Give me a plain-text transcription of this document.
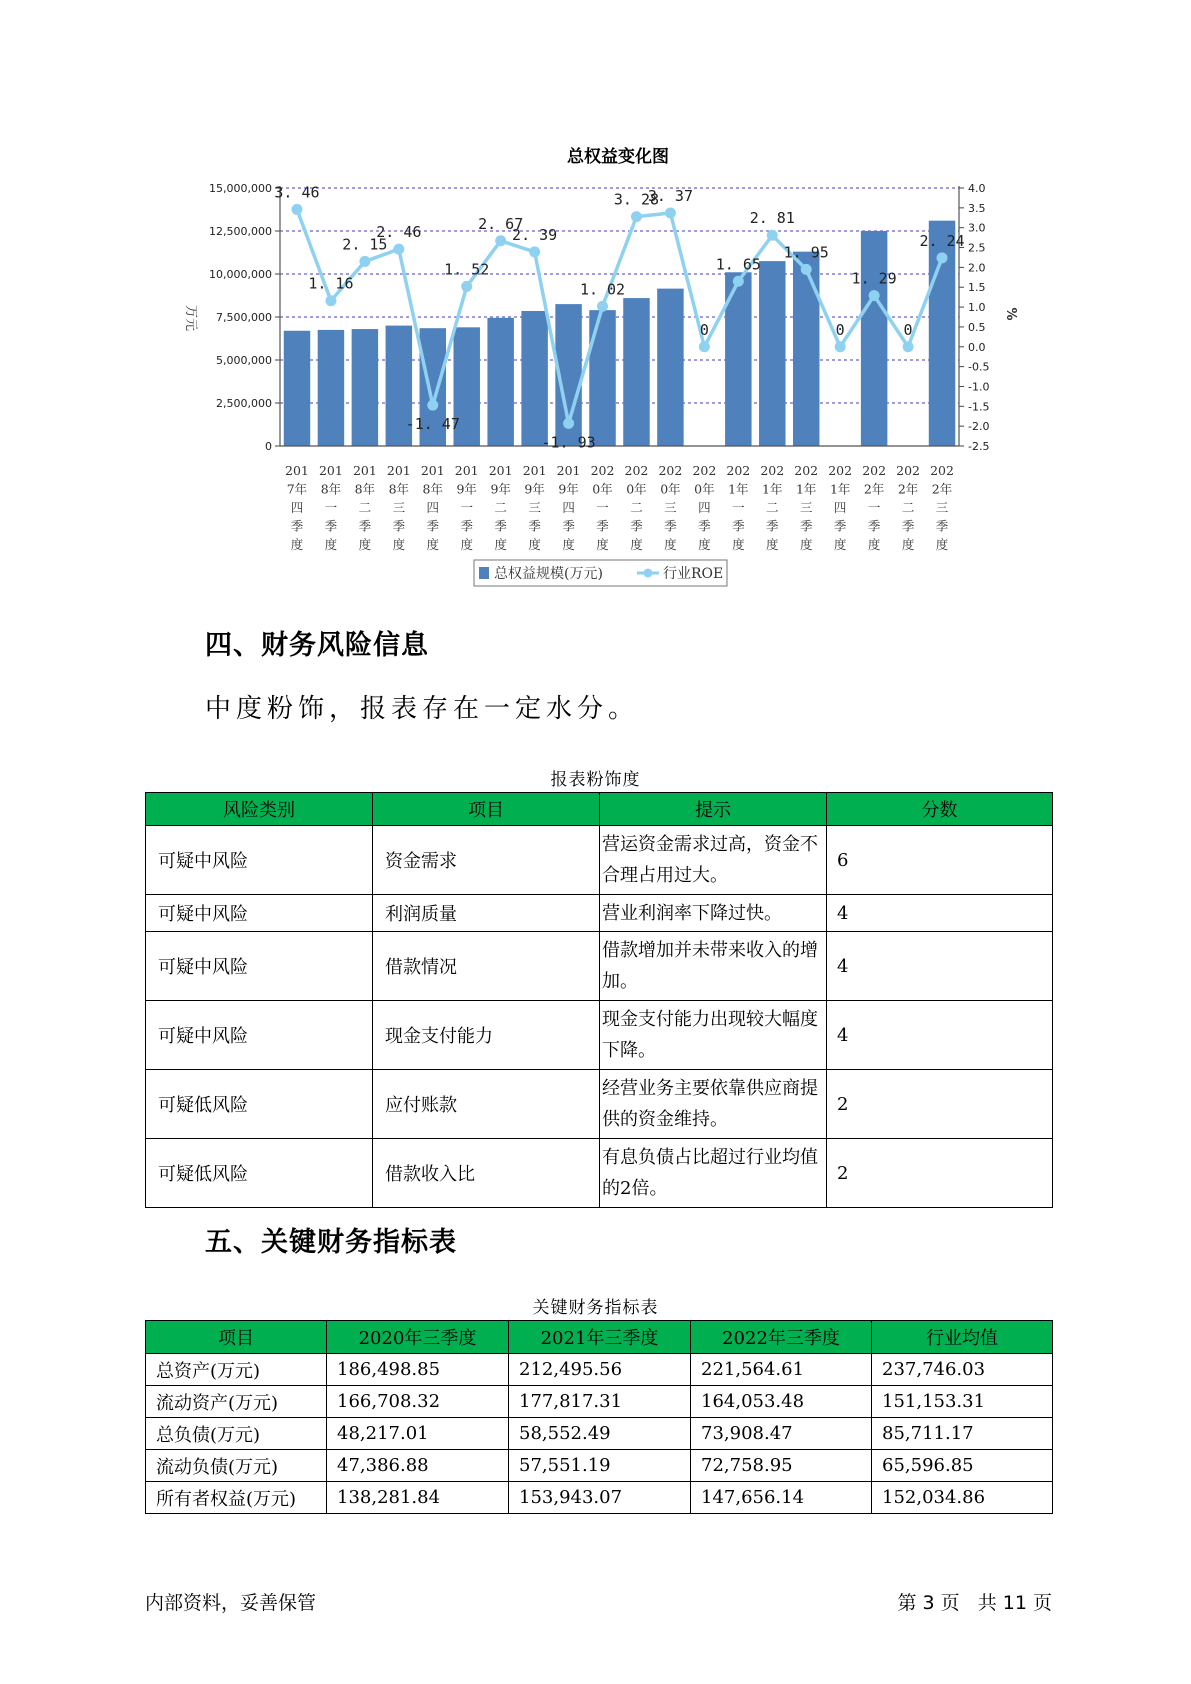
总权益变化图
3. 46
1. 16
2. 15
2. 46
-1. 47
1. 52
2. 67
2. 39
-1. 93
1. 02
3. 28
3. 37
0
1. 65
2. 81
1. 95
0
1. 29
0
2. 24
0
2,500,000
5,000,000
7,500,000
10,000,000
12,500,000
15,000,000	4.0
3.5
3.0
2.5
2.0
1.5
1.0
0.5
0.0
-0.5
-1.0
-1.5
-2.0
-2.5
201
7年
四
季
度
201
8年
一
季
度
201
8年
二
季
度
201
8年
三
季
度
201
8年
四
季
度
201
9年
一
季
度
201
9年
二
季
度
201
9年
三
季
度
201
9年
四
季
度
202
0年
一
季
度
202
0年
二
季
度
202
0年
三
季
度
202
0年
四
季
度
202
1年
一
季
度
202
1年
二
季
度
202
1年
三
季
度
202
1年
四
季
度
202
2年
一
季
度
202
2年
二
季
度
202
2年
三
季
度
万元	%
总权益规模(万元)	行业ROE
四、财务风险信息
中度粉饰，报表存在一定水分。
报表粉饰度
风险类别	项目	提示	分数
可疑中风险	资金需求	营运资金需求过高，资金不合理占用过大。	6
可疑中风险	利润质量	营业利润率下降过快。	4
可疑中风险	借款情况	借款增加并未带来收入的增加。	4
可疑中风险	现金支付能力	现金支付能力出现较大幅度下降。	4
可疑低风险	应付账款	经营业务主要依靠供应商提供的资金维持。	2
可疑低风险	借款收入比	有息负债占比超过行业均值的2倍。	2
五、关键财务指标表
关键财务指标表
项目	2020年三季度	2021年三季度	2022年三季度	行业均值
总资产(万元)	186,498.85	212,495.56	221,564.61	237,746.03
流动资产(万元)	166,708.32	177,817.31	164,053.48	151,153.31
总负债(万元)	48,217.01	58,552.49	73,908.47	85,711.17
流动负债(万元)	47,386.88	57,551.19	72,758.95	65,596.85
所有者权益(万元)	138,281.84	153,943.07	147,656.14	152,034.86
内部资料，妥善保管	第 3 页   共 11 页
